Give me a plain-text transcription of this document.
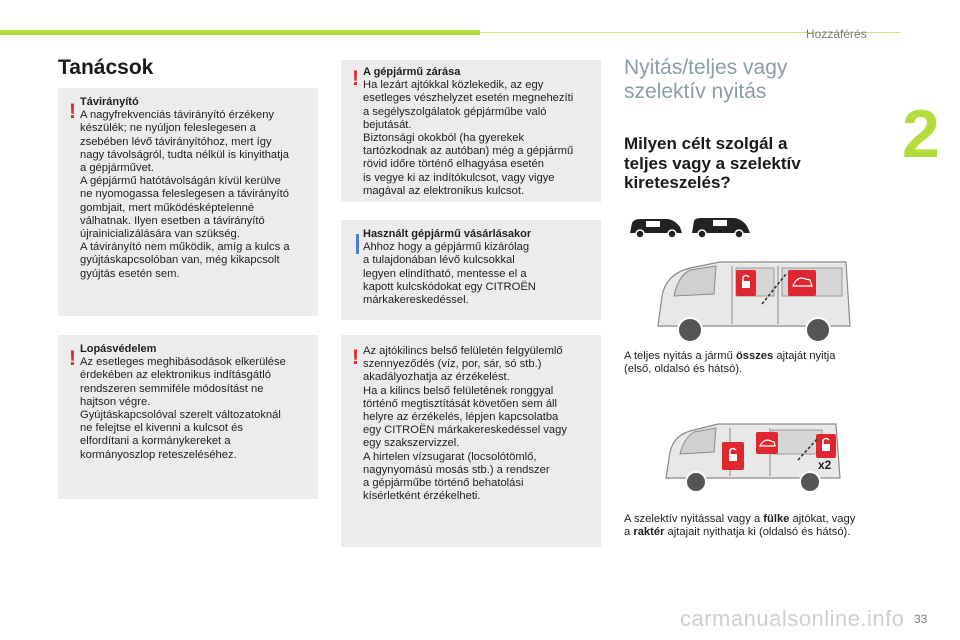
Hozzáférés
2
Tanácsok
! Távirányító

A nagyfrekvenciás távirányító érzékeny
készülék; ne nyúljon feleslegesen a
zsebében lévő távirányítóhoz, mert így
nagy távolságról, tudta nélkül is kinyithatja
a gépjárművet.
A gépjármű hatótávolságán kívül kerülve
ne nyomogassa feleslegesen a távirányító
gombjait, mert működésképtelenné
válhatnak. Ilyen esetben a távirányító
újrainicializálására van szükség.
A távirányító nem működik, amíg a kulcs a
gyújtáskapcsolóban van, még kikapcsolt
gyújtás esetén sem.

! Lopásvédelem

Az esetleges meghibásodások elkerülése
érdekében az elektronikus indításgátló
rendszeren semmiféle módosítást ne
hajtson végre.
Gyújtáskapcsolóval szerelt változatoknál
ne felejtse el kivenni a kulcsot és
elfordítani a kormánykereket a
kormányoszlop reteszeléséhez.

! A gépjármű zárása

Ha lezárt ajtókkal közlekedik, az egy
esetleges vészhelyzet esetén megnehezíti
a segélyszolgálatok gépjárműbe való
bejutását.
Biztonsági okokból (ha gyerekek
tartózkodnak az autóban) még a gépjármű
rövid időre történő elhagyása esetén
is vegye ki az indítókulcsot, vagy vigye
magával az elektronikus kulcsot.

Használt gépjármű vásárlásakor

Ahhoz hogy a gépjármű kizárólag
a tulajdonában lévő kulcsokkal
legyen elindítható, mentesse el a
kapott kulcskódokat egy CITROËN
márkakereskedéssel.

! Az ajtókilincs belső felületén felgyülemlő
szennyeződés (víz, por, sár, só stb.)
akadályozhatja az érzékelést.
Ha a kilincs belső felületének ronggyal
történő megtisztítását követően sem áll
helyre az érzékelés, lépjen kapcsolatba
egy CITROËN márkakereskedéssel vagy
egy szakszervizzel.
A hirtelen vízsugarat (locsolótömlő,
nagynyomású mosás stb.) a rendszer
a gépjárműbe történő behatolási
kísérletként érzékelheti.

Nyitás/teljes vagy
szelektív nyitás

Milyen célt szolgál a
teljes vagy a szelektív
kireteszelés?

A teljes nyitás a jármű összes ajtaját nyitja
(első, oldalsó és hátsó).

x2

A szelektív nyitással vagy a fülke ajtókat, vagy
a raktér ajtajait nyithatja ki (oldalsó és hátsó).

carmanualsonline.info 33
